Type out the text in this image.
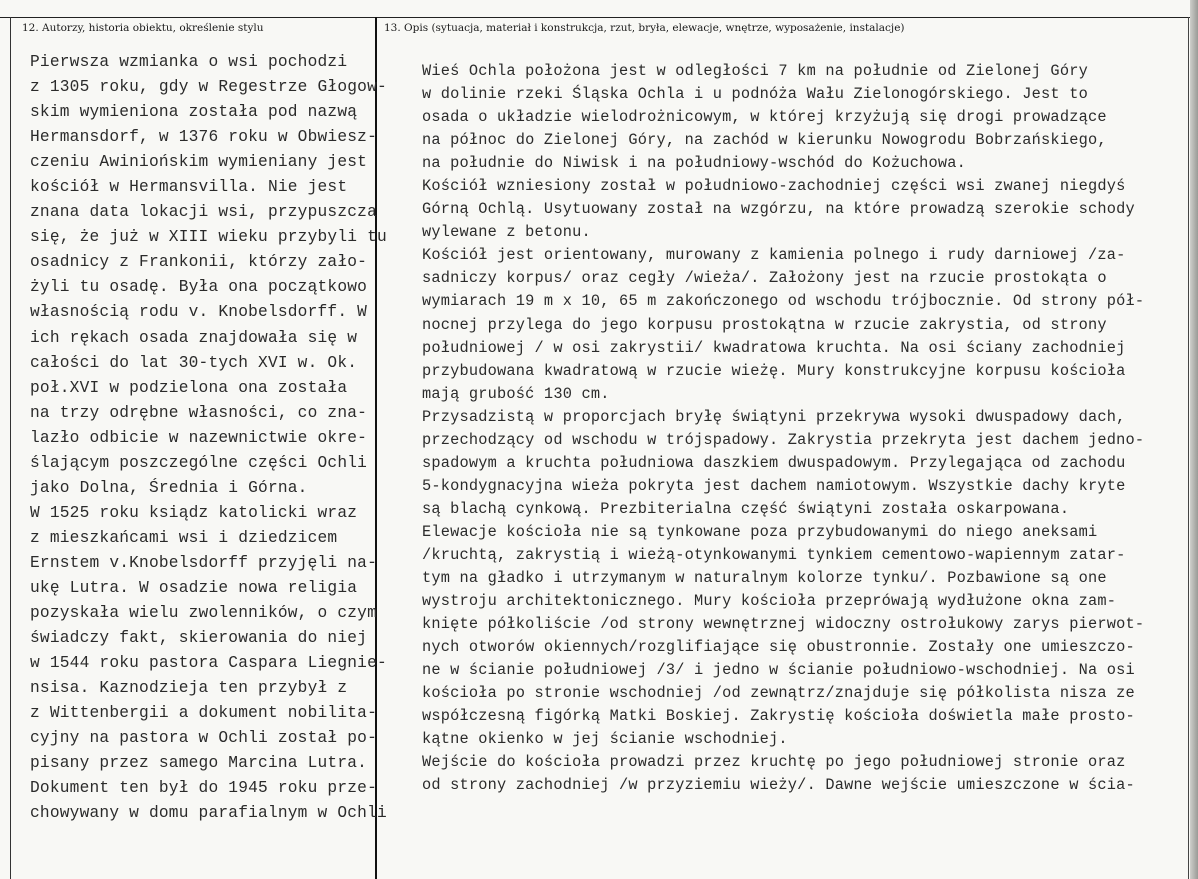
12. Autorzy, historia obiektu, określenie stylu	13. Opis (sytuacja, materiał i konstrukcja, rzut, bryła, elewacje, wnętrze, wyposażenie, instalacje)
Pierwsza wzmianka o wsi pochodzi
z 1305 roku, gdy w Regestrze Głogow-
skim wymieniona została pod nazwą
Hermansdorf, w 1376 roku w Obwiesz-
czeniu Awiniońskim wymieniany jest
kościół w Hermansvilla. Nie jest
znana data lokacji wsi, przypuszcza
się, że już w XIII wieku przybyli tu
osadnicy z Frankonii, którzy zało-
żyli tu osadę. Była ona początkowo
własnością rodu v. Knobelsdorff. W
ich rękach osada znajdowała się w
całości do lat 30-tych XVI w. Ok.
poł.XVI w podzielona ona została
na trzy odrębne własności, co zna-
lazło odbicie w nazewnictwie okre-
ślającym poszczególne części Ochli
jako Dolna, Średnia i Górna.
W 1525 roku ksiądz katolicki wraz
z mieszkańcami wsi i dziedzicem
Ernstem v.Knobelsdorff przyjęli na-
ukę Lutra. W osadzie nowa religia
pozyskała wielu zwolenników, o czym
świadczy fakt, skierowania do niej
w 1544 roku pastora Caspara Liegnie-
nsisa. Kaznodzieja ten przybył z
z Wittenbergii a dokument nobilita-
cyjny na pastora w Ochli został po-
pisany przez samego Marcina Lutra.
Dokument ten był do 1945 roku prze-
chowywany w domu parafialnym w Ochli
Wieś Ochla położona jest w odległości 7 km na południe od Zielonej Góry
w dolinie rzeki Śląska Ochla i u podnóża Wału Zielonogórskiego. Jest to
osada o układzie wielodrożnicowym, w której krzyżują się drogi prowadzące
na północ do Zielonej Góry, na zachód w kierunku Nowogrodu Bobrzańskiego,
na południe do Niwisk i na południowy-wschód do Kożuchowa.
Kościół wzniesiony został w południowo-zachodniej części wsi zwanej niegdyś
Górną Ochlą. Usytuowany został na wzgórzu, na które prowadzą szerokie schody
wylewane z betonu.
Kościół jest orientowany, murowany z kamienia polnego i rudy darniowej /za-
sadniczy korpus/ oraz cegły /wieża/. Założony jest na rzucie prostokąta o
wymiarach 19 m x 10, 65 m zakończonego od wschodu trójbocznie. Od strony pół-
nocnej przylega do jego korpusu prostokątna w rzucie zakrystia, od strony
południowej / w osi zakrystii/ kwadratowa kruchta. Na osi ściany zachodniej
przybudowana kwadratową w rzucie wieżę. Mury konstrukcyjne korpusu kościoła
mają grubość 130 cm.
Przysadzistą w proporcjach bryłę świątyni przekrywa wysoki dwuspadowy dach,
przechodzący od wschodu w trójspadowy. Zakrystia przekryta jest dachem jedno-
spadowym a kruchta południowa daszkiem dwuspadowym. Przylegająca od zachodu
5-kondygnacyjna wieża pokryta jest dachem namiotowym. Wszystkie dachy kryte
są blachą cynkową. Prezbiterialna część świątyni została oskarpowana.
Elewacje kościoła nie są tynkowane poza przybudowanymi do niego aneksami
/kruchtą, zakrystią i wieżą-otynkowanymi tynkiem cementowo-wapiennym zatar-
tym na gładko i utrzymanym w naturalnym kolorze tynku/. Pozbawione są one
wystroju architektonicznego. Mury kościoła przeprówają wydłużone okna zam-
knięte półkoliście /od strony wewnętrznej widoczny ostrołukowy zarys pierwot-
nych otworów okiennych/rozglifiające się obustronnie. Zostały one umieszczo-
ne w ścianie południowej /3/ i jedno w ścianie południowo-wschodniej. Na osi
kościoła po stronie wschodniej /od zewnątrz/znajduje się półkolista nisza ze
współczesną figórką Matki Boskiej. Zakrystię kościoła doświetla małe prosto-
kątne okienko w jej ścianie wschodniej.
Wejście do kościoła prowadzi przez kruchtę po jego południowej stronie oraz
od strony zachodniej /w przyziemiu wieży/. Dawne wejście umieszczone w ścia-
